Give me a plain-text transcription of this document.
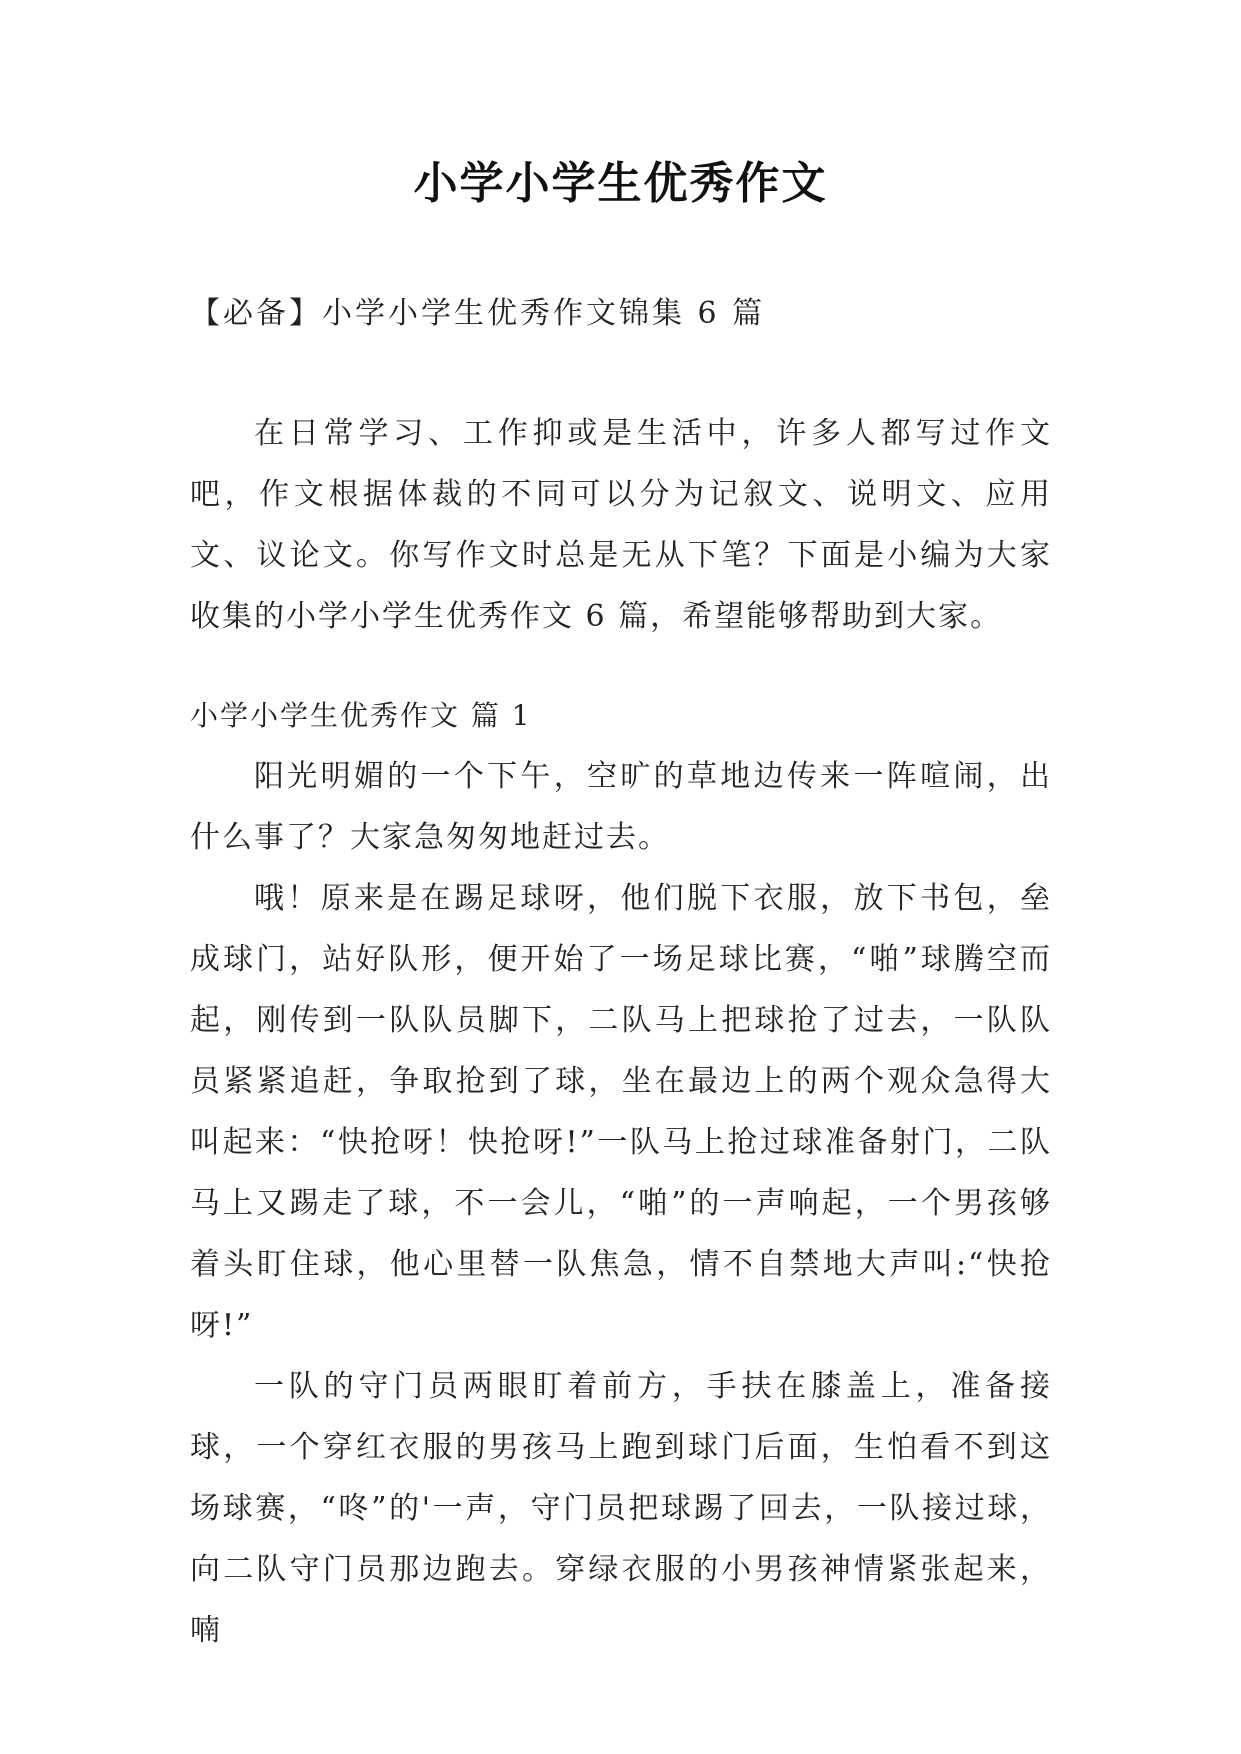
小学小学生优秀作文

【必备】小学小学生优秀作文锦集 6 篇

在日常学习、工作抑或是生活中，许多人都写过作文吧，作文根据体裁的不同可以分为记叙文、说明文、应用文、议论文。你写作文时总是无从下笔？下面是小编为大家收集的小学小学生优秀作文 6 篇，希望能够帮助到大家。

小学小学生优秀作文 篇 1

阳光明媚的一个下午，空旷的草地边传来一阵喧闹，出什么事了？大家急匆匆地赶过去。

哦！原来是在踢足球呀，他们脱下衣服，放下书包，垒成球门，站好队形，便开始了一场足球比赛，“啪”球腾空而起，刚传到一队队员脚下，二队马上把球抢了过去，一队队员紧紧追赶，争取抢到了球，坐在最边上的两个观众急得大叫起来：“快抢呀！快抢呀!”一队马上抢过球准备射门，二队马上又踢走了球，不一会儿，“啪”的一声响起，一个男孩够着头盯住球，他心里替一队焦急，情不自禁地大声叫:“快抢呀!”

一队的守门员两眼盯着前方，手扶在膝盖上，准备接球，一个穿红衣服的男孩马上跑到球门后面，生怕看不到这场球赛，“咚”的'一声，守门员把球踢了回去，一队接过球，向二队守门员那边跑去。穿绿衣服的小男孩神情紧张起来，喃
